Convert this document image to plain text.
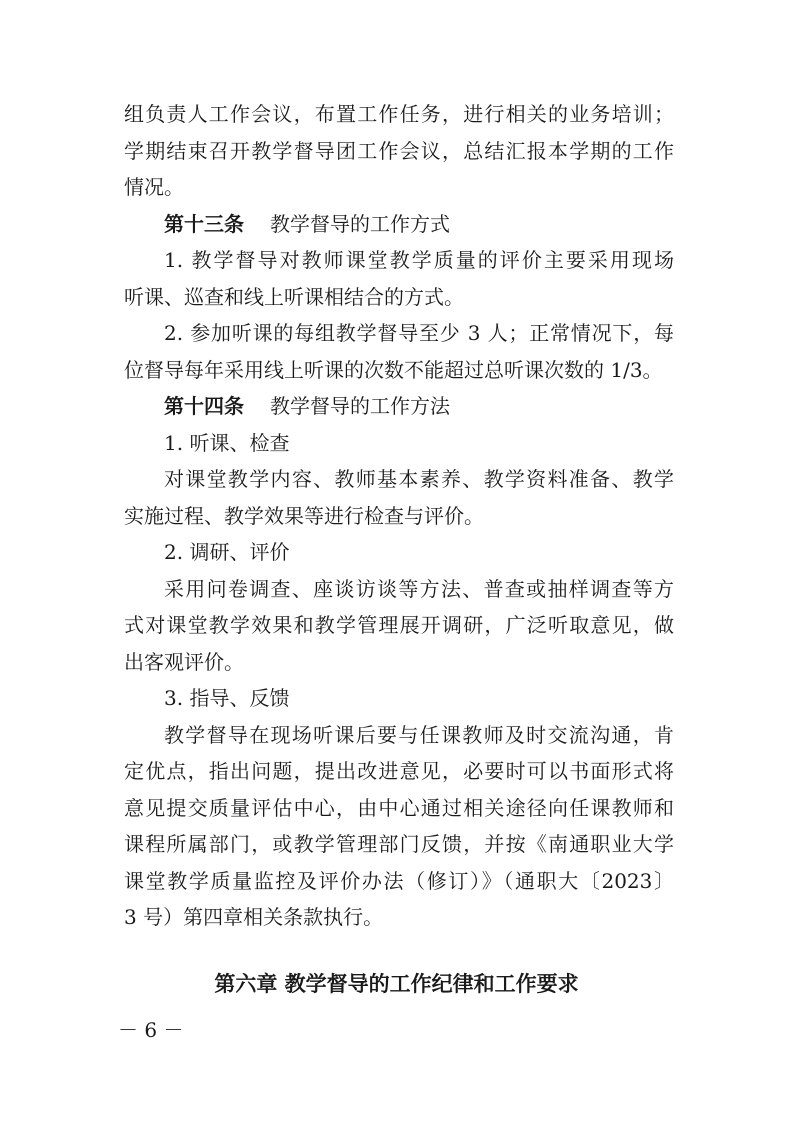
组负责人工作会议，布置工作任务，进行相关的业务培训；
学期结束召开教学督导团工作会议，总结汇报本学期的工作
情况。
第十三条 教学督导的工作方式
1. 教学督导对教师课堂教学质量的评价主要采用现场
听课、巡查和线上听课相结合的方式。
2. 参加听课的每组教学督导至少 3 人；正常情况下，每
位督导每年采用线上听课的次数不能超过总听课次数的 1/3。
第十四条 教学督导的工作方法
1. 听课、检查
对课堂教学内容、教师基本素养、教学资料准备、教学
实施过程、教学效果等进行检查与评价。
2. 调研、评价
采用问卷调查、座谈访谈等方法、普查或抽样调查等方
式对课堂教学效果和教学管理展开调研，广泛听取意见，做
出客观评价。
3. 指导、反馈
教学督导在现场听课后要与任课教师及时交流沟通，肯
定优点，指出问题，提出改进意见，必要时可以书面形式将
意见提交质量评估中心，由中心通过相关途径向任课教师和
课程所属部门，或教学管理部门反馈，并按《南通职业大学
课堂教学质量监控及评价办法（修订）》（通职大〔2023〕
3 号）第四章相关条款执行。
第六章 教学督导的工作纪律和工作要求
－ 6 －
